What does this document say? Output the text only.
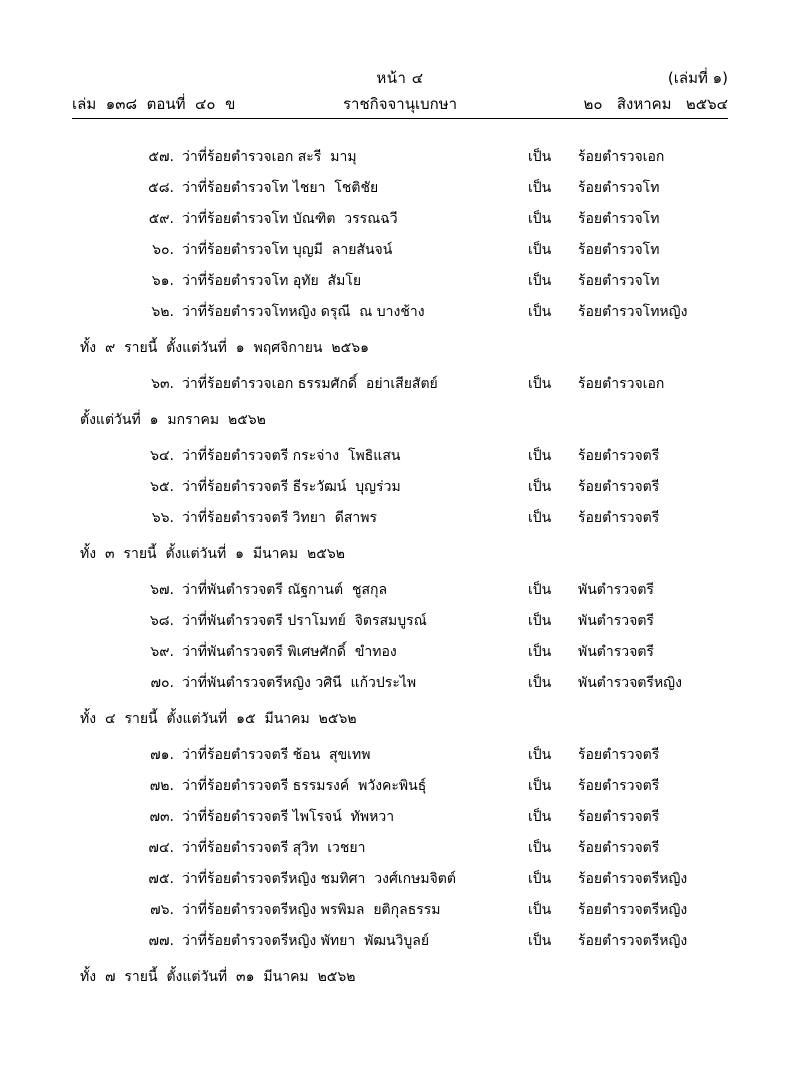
หน้า ๔	(เล่มที่ ๑)
เล่ม  ๑๓๘  ตอนที่  ๔๐  ข	ราชกิจจานุเบกษา	๒๐   สิงหาคม   ๒๕๖๔
๕๗. ว่าที่ร้อยตำรวจเอก สะรี  มามุ	เป็น	ร้อยตำรวจเอก
๕๘. ว่าที่ร้อยตำรวจโท ไชยา  โชติชัย	เป็น	ร้อยตำรวจโท
๕๙. ว่าที่ร้อยตำรวจโท บัณฑิต  วรรณฉวี	เป็น	ร้อยตำรวจโท
๖๐. ว่าที่ร้อยตำรวจโท บุญมี  ลายสันจน์	เป็น	ร้อยตำรวจโท
๖๑. ว่าที่ร้อยตำรวจโท อุทัย  สัมโย	เป็น	ร้อยตำรวจโท
๖๒. ว่าที่ร้อยตำรวจโทหญิง ดรุณี  ณ บางช้าง	เป็น	ร้อยตำรวจโทหญิง
ทั้ง  ๙  รายนี้  ตั้งแต่วันที่  ๑  พฤศจิกายน  ๒๕๖๑
๖๓. ว่าที่ร้อยตำรวจเอก ธรรมศักดิ์  อย่าเสียสัตย์	เป็น	ร้อยตำรวจเอก
ตั้งแต่วันที่  ๑  มกราคม  ๒๕๖๒
๖๔. ว่าที่ร้อยตำรวจตรี กระจ่าง  โพธิแสน	เป็น	ร้อยตำรวจตรี
๖๕. ว่าที่ร้อยตำรวจตรี ธีระวัฒน์  บุญร่วม	เป็น	ร้อยตำรวจตรี
๖๖. ว่าที่ร้อยตำรวจตรี วิทยา  ดีสาพร	เป็น	ร้อยตำรวจตรี
ทั้ง  ๓  รายนี้  ตั้งแต่วันที่  ๑  มีนาคม  ๒๕๖๒
๖๗. ว่าที่พันตำรวจตรี ณัฐกานต์  ชูสกุล	เป็น	พันตำรวจตรี
๖๘. ว่าที่พันตำรวจตรี ปราโมทย์  จิตรสมบูรณ์	เป็น	พันตำรวจตรี
๖๙. ว่าที่พันตำรวจตรี พิเศษศักดิ์  ขำทอง	เป็น	พันตำรวจตรี
๗๐. ว่าที่พันตำรวจตรีหญิง วศินี  แก้วประไพ	เป็น	พันตำรวจตรีหญิง
ทั้ง  ๔  รายนี้  ตั้งแต่วันที่  ๑๕  มีนาคม  ๒๕๖๒
๗๑. ว่าที่ร้อยตำรวจตรี ช้อน  สุขเทพ	เป็น	ร้อยตำรวจตรี
๗๒. ว่าที่ร้อยตำรวจตรี ธรรมรงค์  พวังคะพินธุ์	เป็น	ร้อยตำรวจตรี
๗๓. ว่าที่ร้อยตำรวจตรี ไพโรจน์  ทัพหวา	เป็น	ร้อยตำรวจตรี
๗๔. ว่าที่ร้อยตำรวจตรี สุวิท  เวชยา	เป็น	ร้อยตำรวจตรี
๗๕. ว่าที่ร้อยตำรวจตรีหญิง ชมทิศา  วงศ์เกษมจิตต์	เป็น	ร้อยตำรวจตรีหญิง
๗๖. ว่าที่ร้อยตำรวจตรีหญิง พรพิมล  ยติกุลธรรม	เป็น	ร้อยตำรวจตรีหญิง
๗๗. ว่าที่ร้อยตำรวจตรีหญิง พัทยา  พัฒนวิบูลย์	เป็น	ร้อยตำรวจตรีหญิง
ทั้ง  ๗  รายนี้  ตั้งแต่วันที่  ๓๑  มีนาคม  ๒๕๖๒
